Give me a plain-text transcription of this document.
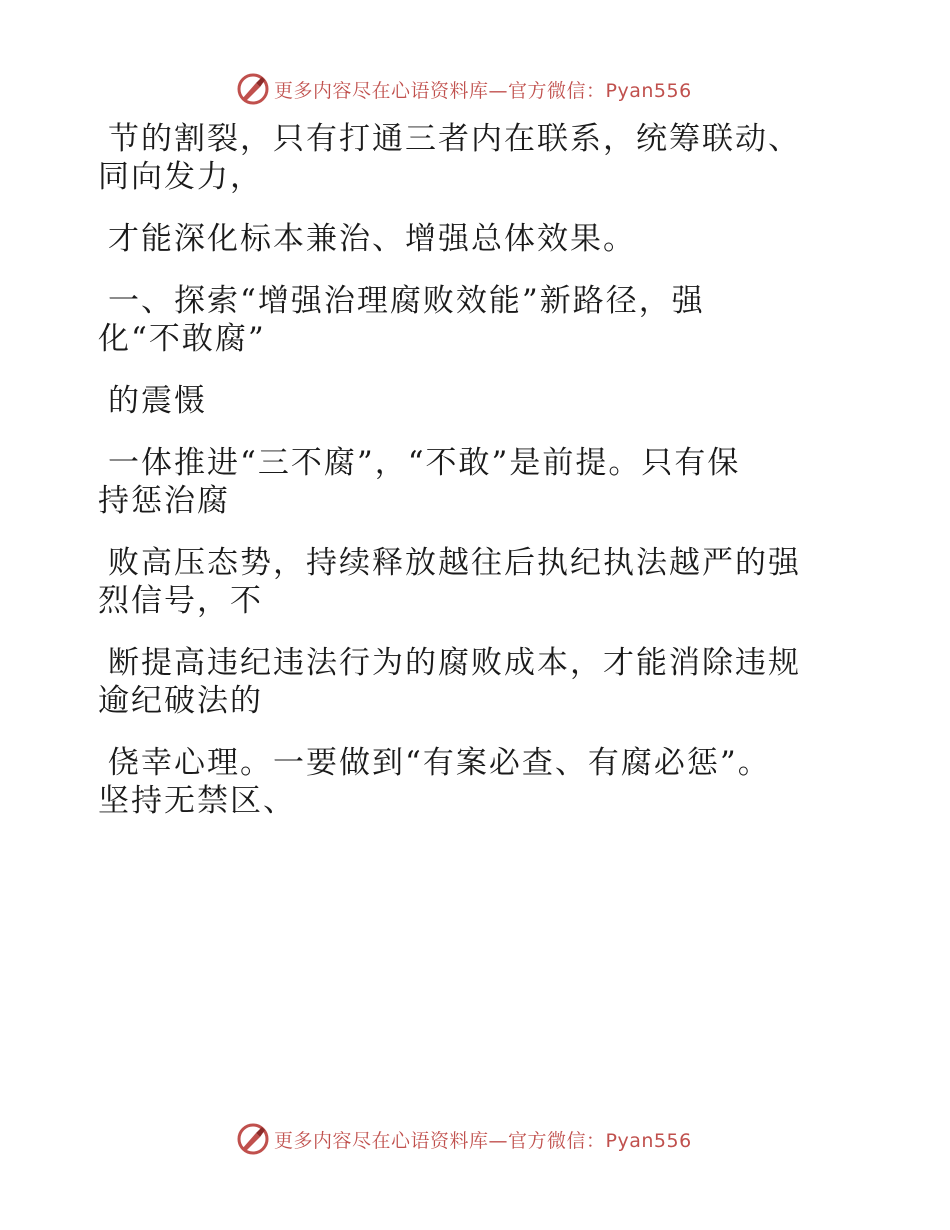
更多内容尽在心语资料库—官方微信：Pyan556
节的割裂，只有打通三者内在联系，统筹联动、
同向发力，
才能深化标本兼治、增强总体效果。
一、探索“增强治理腐败效能”新路径，强
化“不敢腐”
的震慑
一体推进“三不腐”，“不敢”是前提。只有保
持惩治腐
败高压态势，持续释放越往后执纪执法越严的强
烈信号，不
断提高违纪违法行为的腐败成本，才能消除违规
逾纪破法的
侥幸心理。一要做到“有案必查、有腐必惩”。
坚持无禁区、
更多内容尽在心语资料库—官方微信：Pyan556
